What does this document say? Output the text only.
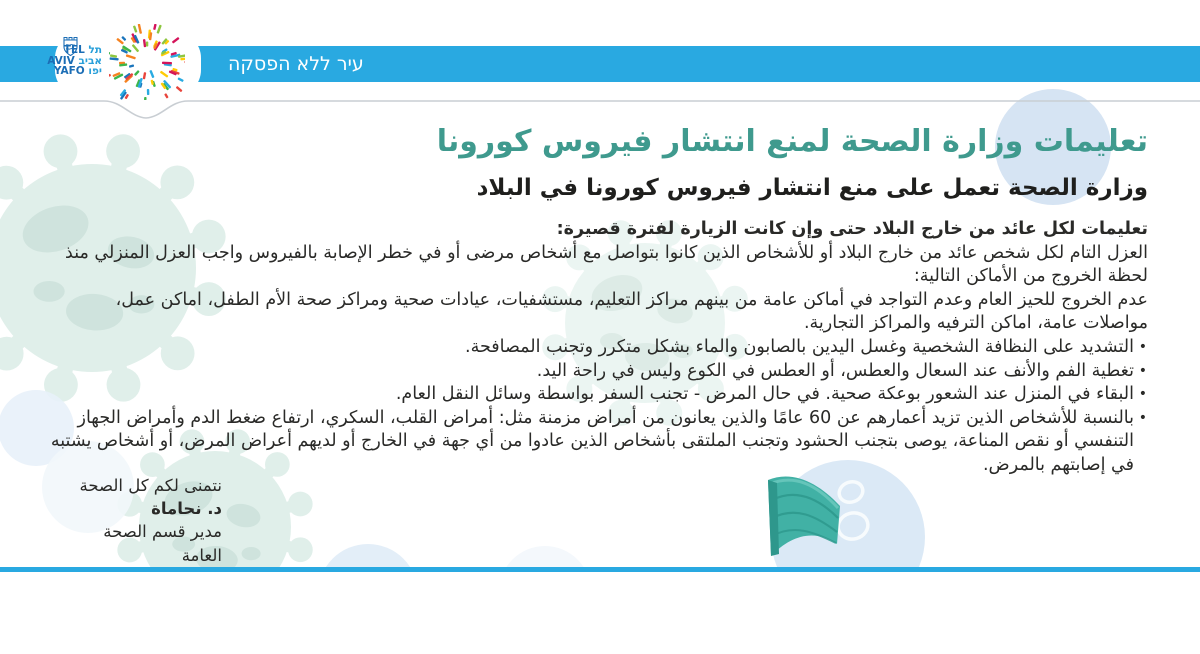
עיר ללא הפסקה
תל TEL
אביב AVIV
יפו YAFO
تعليمات وزارة الصحة لمنع انتشار فيروس كورونا
وزارة الصحة تعمل على منع انتشار فيروس كورونا في البلاد

تعليمات لكل عائد من خارج البلاد حتى وإن كانت الزيارة لفترة قصيرة:

العزل التام لكل شخص عائد من خارج البلاد أو للأشخاص الذين كانوا بتواصل مع أشخاص مرضى أو في خطر الإصابة بالفيروس واجب العزل المنزلي منذ لحظة الخروج من الأماكن التالية:

عدم الخروج للحيز العام وعدم التواجد في أماكن عامة من بينهم مراكز التعليم، مستشفيات، عيادات صحية ومراكز صحة الأم الطفل، اماكن عمل، مواصلات عامة، اماكن الترفيه والمراكز التجارية.

• التشديد على النظافة الشخصية وغسل اليدين بالصابون والماء بشكل متكرر وتجنب المصافحة.
• تغطية الفم والأنف عند السعال والعطس، أو العطس في الكوع وليس في راحة اليد.
• البقاء في المنزل عند الشعور بوعكة صحية. في حال المرض - تجنب السفر بواسطة وسائل النقل العام.
• بالنسبة للأشخاص الذين تزيد أعمارهم عن 60 عامًا والذين يعانون من أمراض مزمنة مثل: أمراض القلب، السكري، ارتفاع ضغط الدم وأمراض الجهاز التنفسي أو نقص المناعة، يوصى بتجنب الحشود وتجنب الملتقى بأشخاص الذين عادوا من أي جهة في الخارج أو لديهم أعراض المرض، أو أشخاص يشتبه في إصابتهم بالمرض.
نتمنى لكم كل الصحة
د. نحاماة
مدير قسم الصحة العامة
